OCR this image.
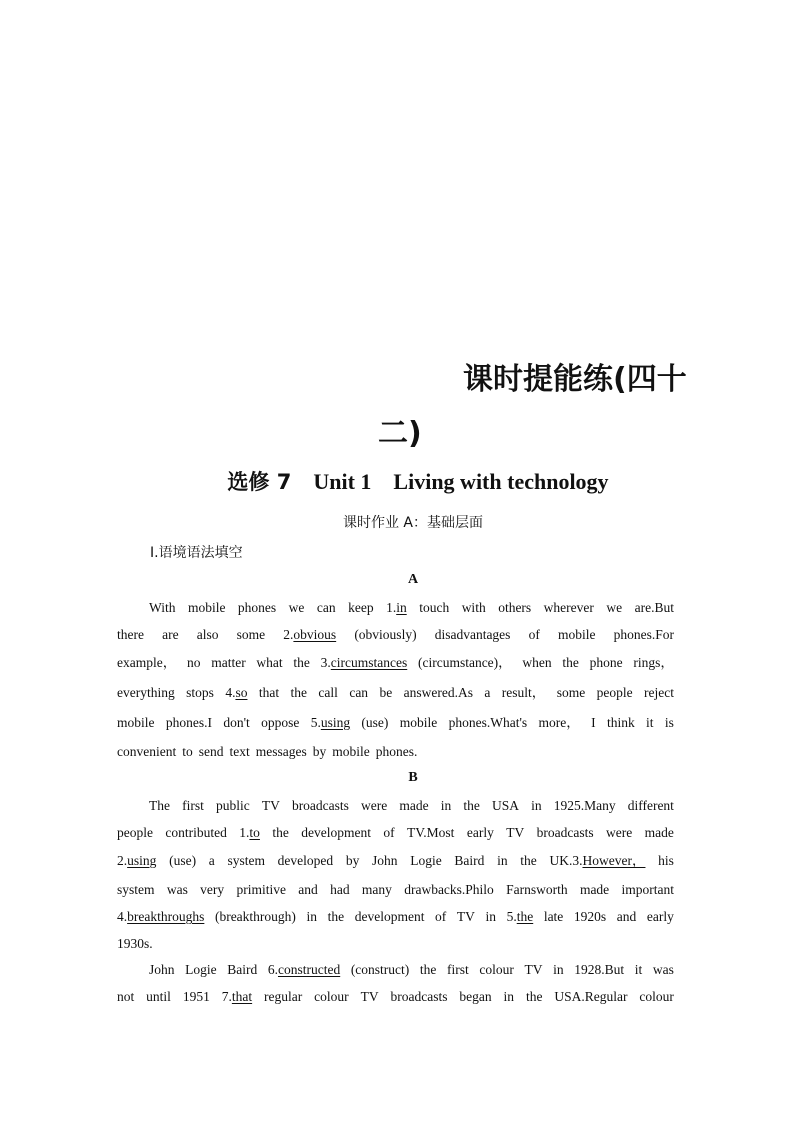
课时提能练(四十
二)
选修 7 Unit 1 Living with technology
课时作业 A：基础层面
Ⅰ.语境语法填空
A
With mobile phones we can keep 1.in touch with others wherever we are.But
there are also some 2.obvious (obviously) disadvantages of mobile phones.For
example， no matter what the 3.circumstances (circumstance)， when the phone rings，
everything stops 4.so that the call can be answered.As a result， some people reject
mobile phones.I don't oppose 5.using (use) mobile phones.What's more， I think it is
convenient to send text messages by mobile phones.
B
The first public TV broadcasts were made in the USA in 1925.Many different
people contributed 1.to the development of TV.Most early TV broadcasts were made
2.using (use) a system developed by John Logie Baird in the UK.3.However， his
system was very primitive and had many drawbacks.Philo Farnsworth made important
4.breakthroughs (breakthrough) in the development of TV in 5.the late 1920s and early
1930s.
John Logie Baird 6.constructed (construct) the first colour TV in 1928.But it was
not until 1951 7.that regular colour TV broadcasts began in the USA.Regular colour
